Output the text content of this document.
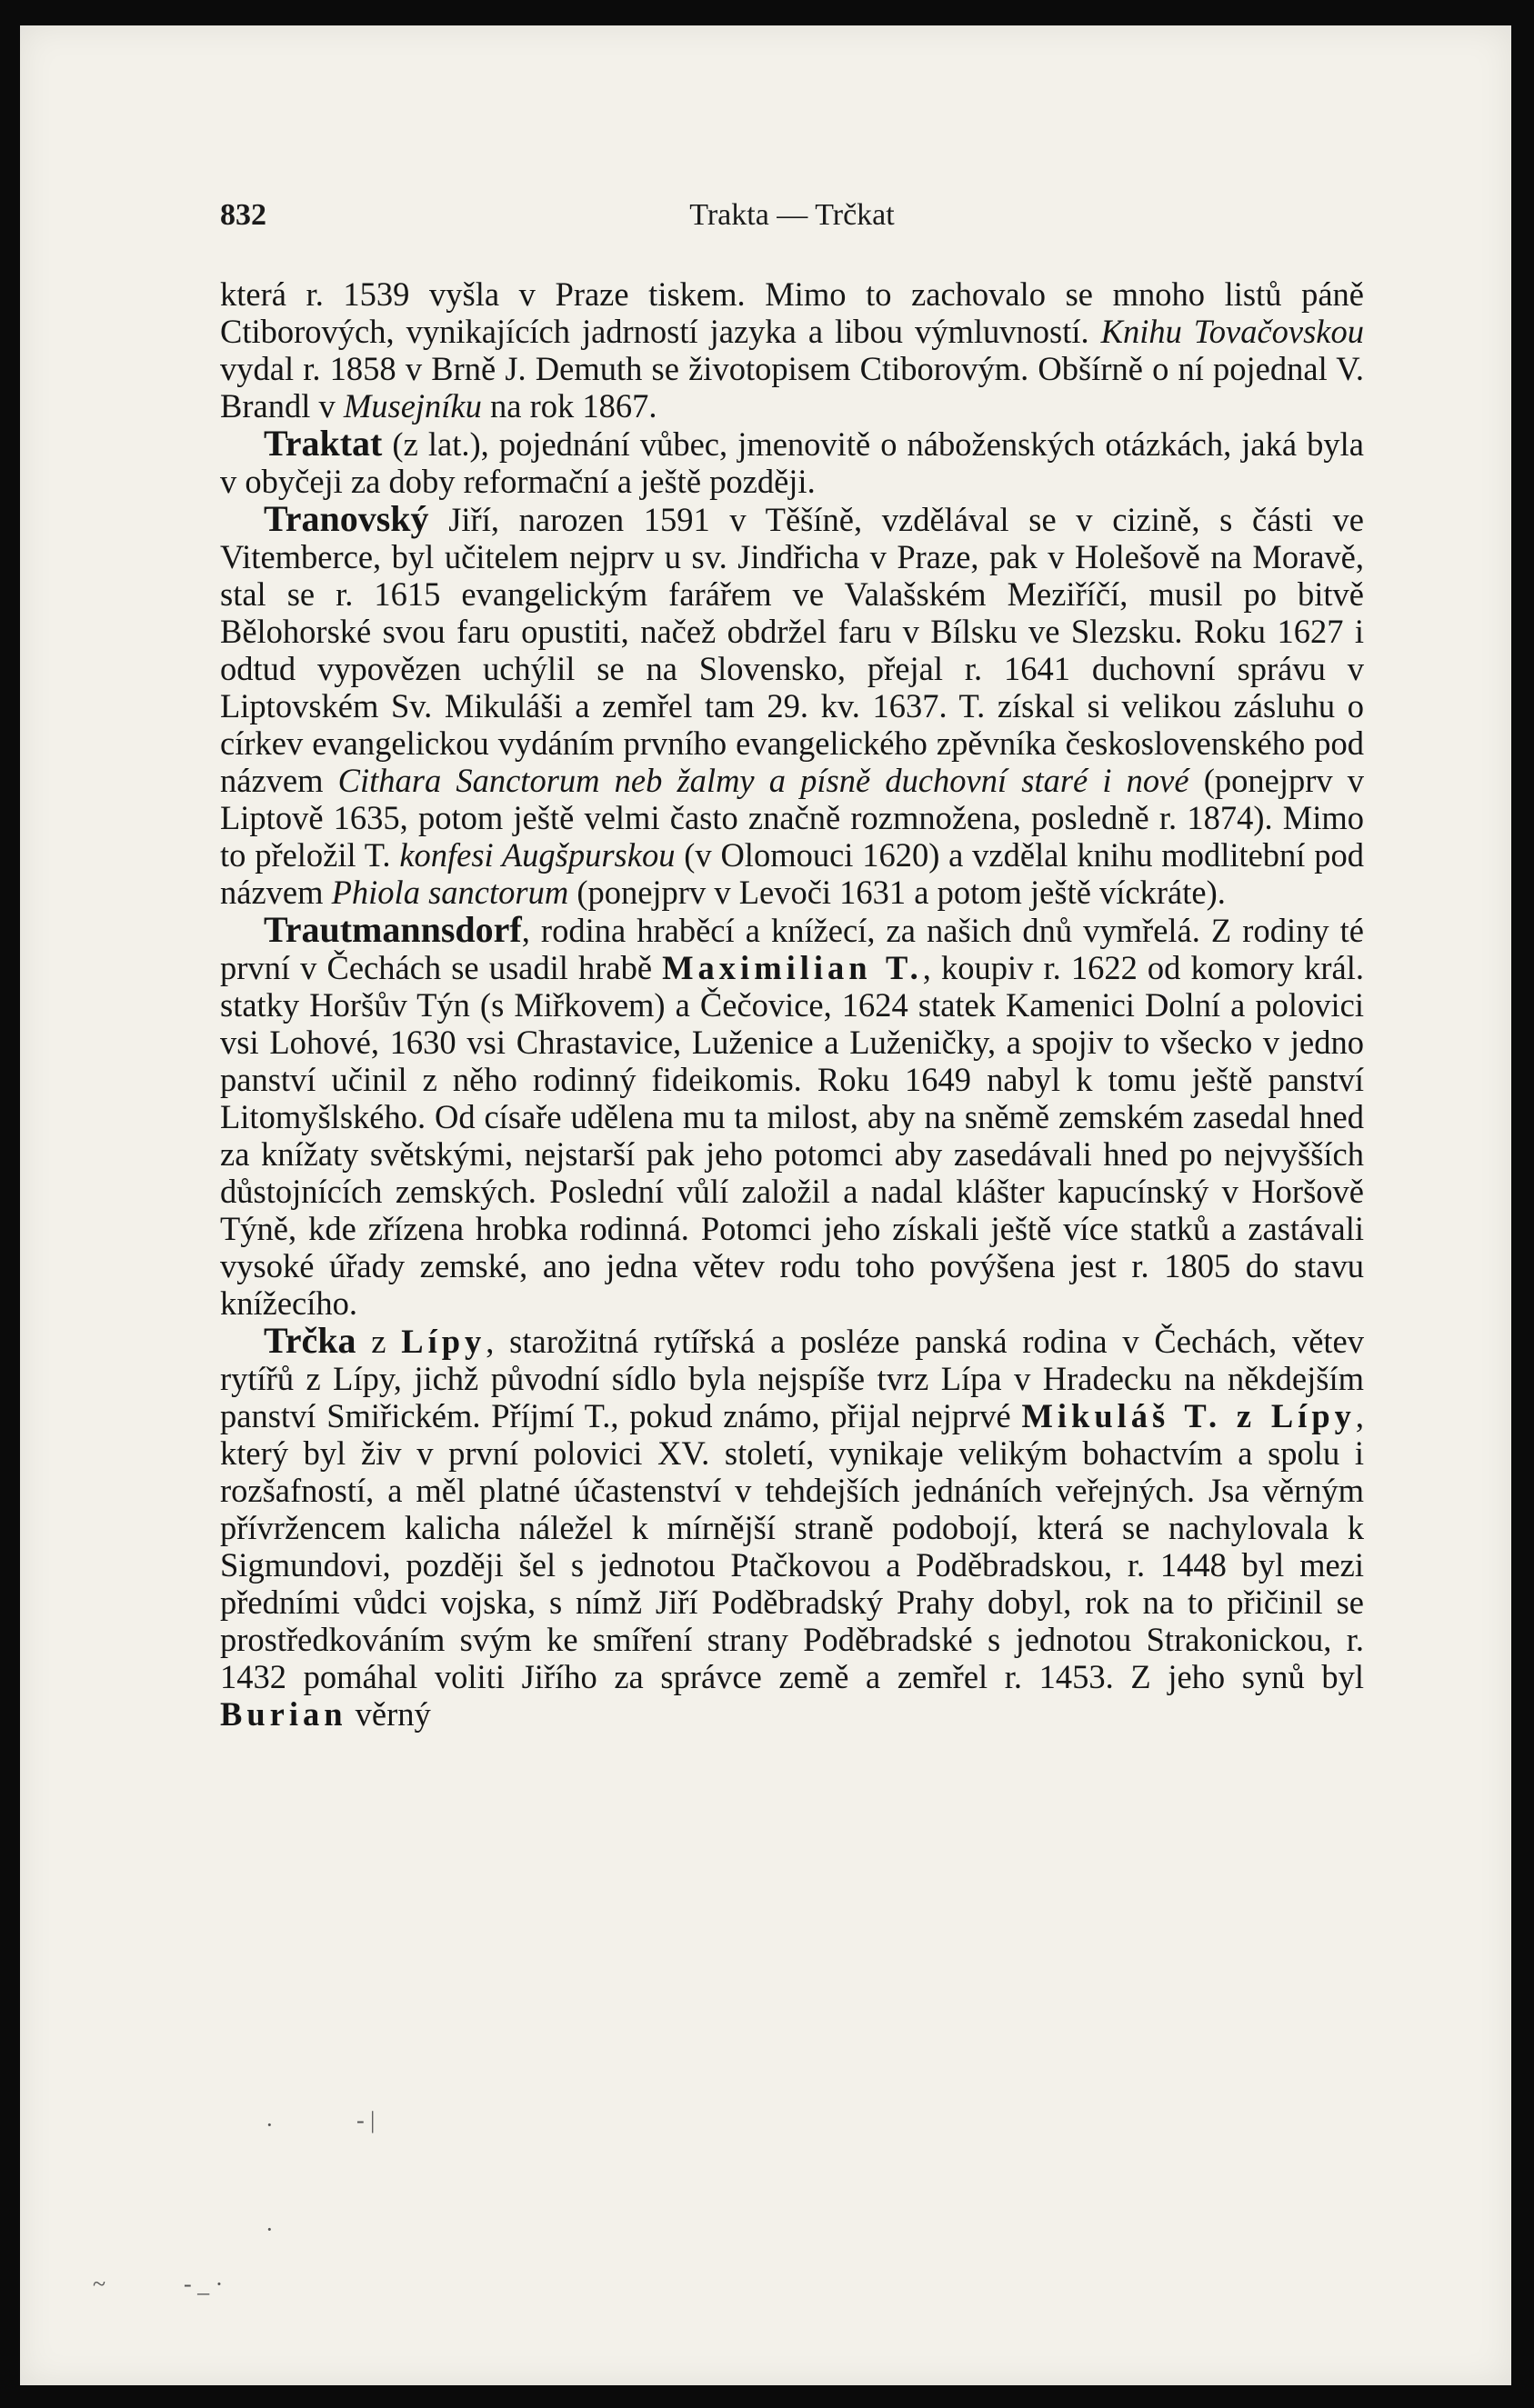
832	Trakta — Trčkat

která r. 1539 vyšla v Praze tiskem. Mimo to zachovalo se mnoho listů páně Ctiborových, vynikajících jadrností jazyka a libou výmluvností. Knihu Tovačovskou vydal r. 1858 v Brně J. Demuth se životopisem Ctiborovým. Obšírně o ní pojednal V. Brandl v Musejníku na rok 1867.

Traktat (z lat.), pojednání vůbec, jmenovitě o náboženských otázkách, jaká byla v obyčeji za doby reformační a ještě později.

Tranovský Jiří, narozen 1591 v Těšíně, vzdělával se v cizině, s části ve Vitemberce, byl učitelem nejprv u sv. Jindřicha v Praze, pak v Holešově na Moravě, stal se r. 1615 evangelickým farářem ve Valašském Meziříčí, musil po bitvě Bělohorské svou faru opustiti, načež obdržel faru v Bílsku ve Slezsku. Roku 1627 i odtud vypovězen uchýlil se na Slovensko, přejal r. 1641 duchovní správu v Liptovském Sv. Mikuláši a zemřel tam 29. kv. 1637. T. získal si velikou zásluhu o církev evangelickou vydáním prvního evangelického zpěvníka československého pod názvem Cithara Sanctorum neb žalmy a písně duchovní staré i nové (ponejprv v Liptově 1635, potom ještě velmi často značně rozmnožena, posledně r. 1874). Mimo to přeložil T. konfesi Augšpurskou (v Olomouci 1620) a vzdělal knihu modlitební pod názvem Phiola sanctorum (ponejprv v Levoči 1631 a potom ještě víckráte).

Trautmannsdorf, rodina hraběcí a knížecí, za našich dnů vymřelá. Z rodiny té první v Čechách se usadil hrabě Maximilian T., koupiv r. 1622 od komory král. statky Horšův Týn (s Miřkovem) a Čečovice, 1624 statek Kamenici Dolní a polovici vsi Lohové, 1630 vsi Chrastavice, Luženice a Luženičky, a spojiv to všecko v jedno panství učinil z něho rodinný fideikomis. Roku 1649 nabyl k tomu ještě panství Litomyšlského. Od císaře udělena mu ta milost, aby na sněmě zemském zasedal hned za knížaty světskými, nejstarší pak jeho potomci aby zasedávali hned po nejvyšších důstojnících zemských. Poslední vůlí založil a nadal klášter kapucínský v Horšově Týně, kde zřízena hrobka rodinná. Potomci jeho získali ještě více statků a zastávali vysoké úřady zemské, ano jedna větev rodu toho povýšena jest r. 1805 do stavu knížecího.

Trčka z Lípy, starožitná rytířská a posléze panská rodina v Čechách, větev rytířů z Lípy, jichž původní sídlo byla nejspíše tvrz Lípa v Hradecku na někdejším panství Smiřickém. Příjmí T., pokud známo, přijal nejprvé Mikuláš T. z Lípy, který byl živ v první polovici XV. století, vynikaje velikým bohactvím a spolu i rozšafností, a měl platné účastenství v tehdejších jednáních veřejných. Jsa věrným přívržencem kalicha náležel k mírnější straně podobojí, která se nachylovala k Sigmundovi, později šel s jednotou Ptačkovou a Poděbradskou, r. 1448 byl mezi předními vůdci vojska, s nímž Jiří Poděbradský Prahy dobyl, rok na to přičinil se prostředkováním svým ke smíření strany Poděbradské s jednotou Strakonickou, r. 1432 pomáhal voliti Jiřího za správce země a zemřel r. 1453. Z jeho synů byl Burian věrný

·	- |
·
~	- _ ·
